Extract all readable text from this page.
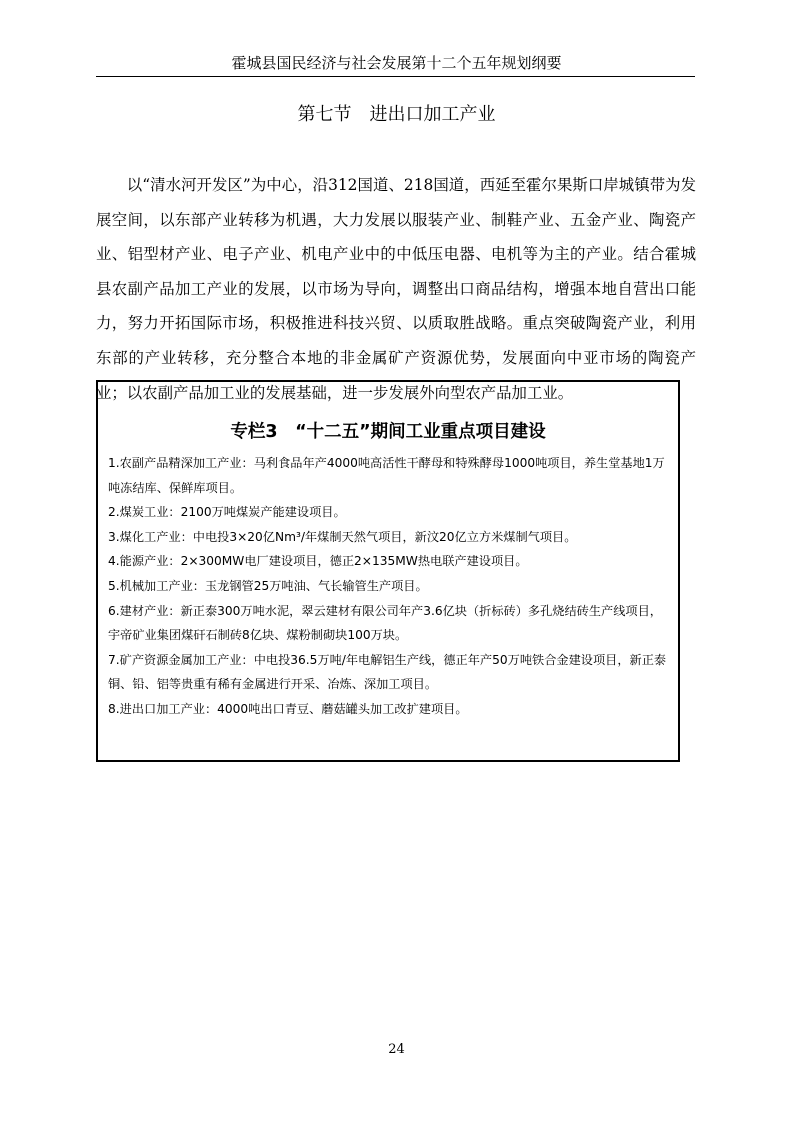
霍城县国民经济与社会发展第十二个五年规划纲要
第七节　进出口加工产业

以“清水河开发区”为中心，沿312国道、218国道，西延至霍尔果斯口岸城镇带为发展空间，以东部产业转移为机遇，大力发展以服装产业、制鞋产业、五金产业、陶瓷产业、铝型材产业、电子产业、机电产业中的中低压电器、电机等为主的产业。结合霍城县农副产品加工产业的发展，以市场为导向，调整出口商品结构，增强本地自营出口能力，努力开拓国际市场，积极推进科技兴贸、以质取胜战略。重点突破陶瓷产业，利用东部的产业转移，充分整合本地的非金属矿产资源优势，发展面向中亚市场的陶瓷产业；以农副产品加工业的发展基础，进一步发展外向型农产品加工业。

专栏3　“十二五”期间工业重点项目建设

1.农副产品精深加工产业：马利食品年产4000吨高活性干酵母和特殊酵母1000吨项目，养生堂基地1万吨冻结库、保鲜库项目。

2.煤炭工业：2100万吨煤炭产能建设项目。

3.煤化工产业：中电投3×20亿Nm³/年煤制天然气项目，新汶20亿立方米煤制气项目。

4.能源产业：2×300MW电厂建设项目，德正2×135MW热电联产建设项目。

5.机械加工产业：玉龙钢管25万吨油、气长输管生产项目。

6.建材产业：新正泰300万吨水泥，翠云建材有限公司年产3.6亿块（折标砖）多孔烧结砖生产线项目，宇帝矿业集团煤矸石制砖8亿块、煤粉制砌块100万块。

7.矿产资源金属加工产业：中电投36.5万吨/年电解铝生产线，德正年产50万吨铁合金建设项目，新正泰铜、铅、铝等贵重有稀有金属进行开采、冶炼、深加工项目。

8.进出口加工产业：4000吨出口青豆、蘑菇罐头加工改扩建项目。

24
